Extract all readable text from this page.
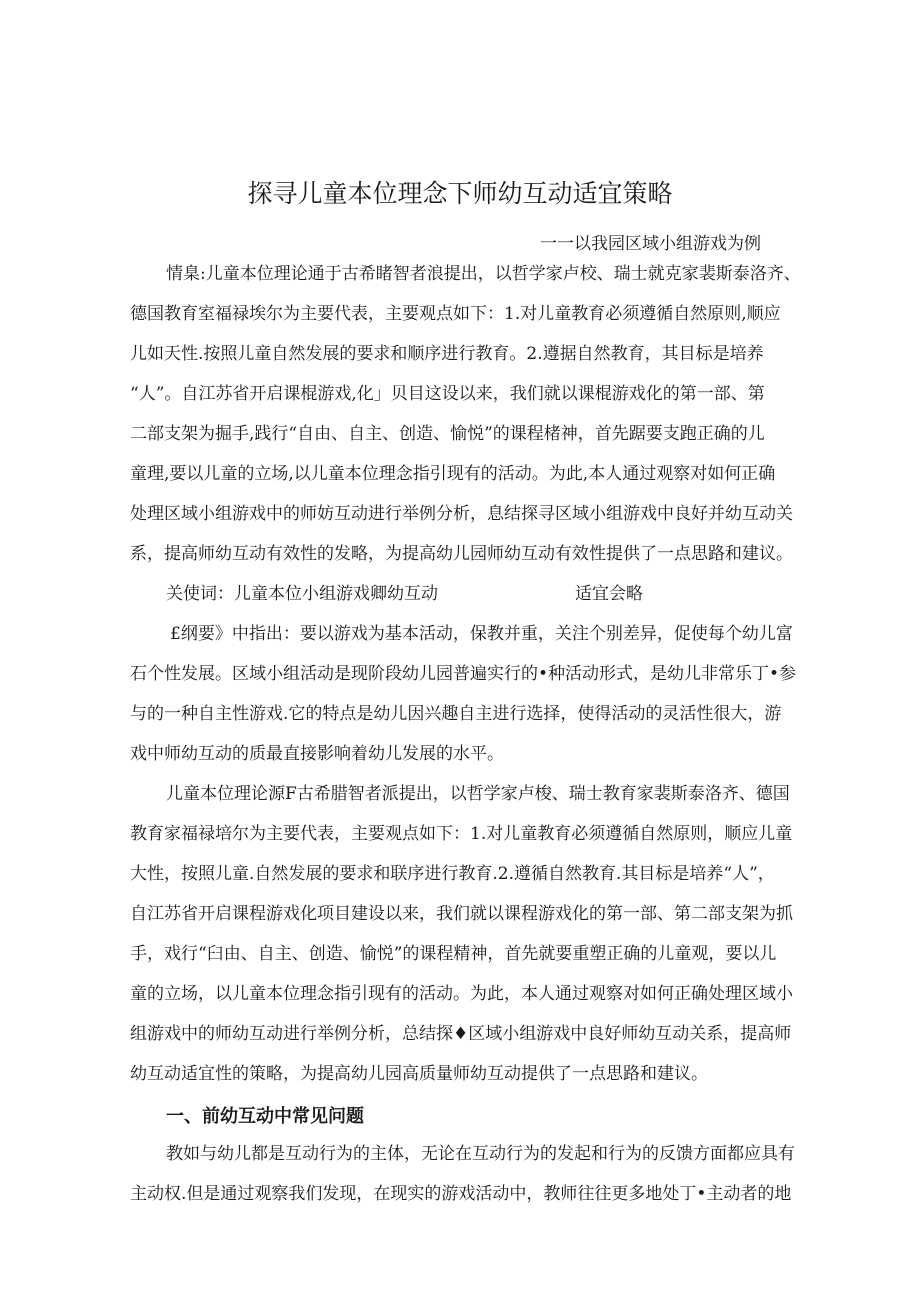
探寻儿童本位理念下师幼互动适宜策略

一一以我园区域小组游戏为例

情臬:儿童本位理论通于古希睹智者浪提出，以哲学家卢校、瑞士就克家裴斯泰洛齐、

德国教育室福禄埃尔为主要代表，主要观点如下：1.对儿童教育必须遵循自然原则,顺应

儿如天性.按照儿童自然发展的要求和顺序进行教育。2.遵据自然教育，其目标是培养

“人”。自江苏省开启课棍游戏,化」贝目这设以来，我们就以课棍游戏化的第一部、第

二部支架为掘手,践行“自由、自主、创造、愉悦”的课程楮神，首先踞要支跑正确的儿

童理,要以儿童的立场,以儿童本位理念指引现有的活动。为此,本人通过观察对如何正确

处理区域小组游戏中的师妨互动进行举例分析，息结探寻区域小组游戏中良好并幼互动关

系，提高师幼互动有效性的发略，为提高幼儿园师幼互动有效性提供了一点思路和建议。

关使词：儿童本位小组游戏卿幼互动	适宜会略

£纲要》中指出：要以游戏为基本活动，保教并重，关注个别差异，促使每个幼儿富

石个性发展。区域小组活动是现阶段幼儿园普遍实行的•种活动形式，是幼儿非常乐丁•参

与的一种自主性游戏.它的特点是幼儿因兴趣自主进行选择，使得活动的灵活性很大，游

戏中师幼互动的质最直接影响着幼儿发展的水平。

儿童本位理论源F古希腊智者派提出，以哲学家卢梭、瑞士教育家裴斯泰洛齐、德国

教育家福禄培尔为主要代表，主要观点如下：1.对儿童教育必须遵循自然原则，顺应儿童

大性，按照儿童.自然发展的要求和联序进行教育.2.遵循自然教育.其目标是培养“人”，

自江苏省开启课程游戏化项目建设以来，我们就以课程游戏化的第一部、第二部支架为抓

手，戏行“臼由、自主、创造、愉悦”的课程精神，首先就要重塑正确的儿童观，要以儿

童的立场，以儿童本位理念指引现有的活动。为此，本人通过观察对如何正确处理区域小

组游戏中的师幼互动进行举例分析，总结探♦区域小组游戏中良好师幼互动关系，提高师

幼互动适宜性的策略，为提高幼儿园高质量师幼互动提供了一点思路和建议。

一、前幼互动中常见问题

教如与幼儿都是互动行为的主体，无论在互动行为的发起和行为的反馈方面都应具有

主动权.但是通过观察我们发现，在现实的游戏活动中，教师往往更多地处丁•主动者的地
